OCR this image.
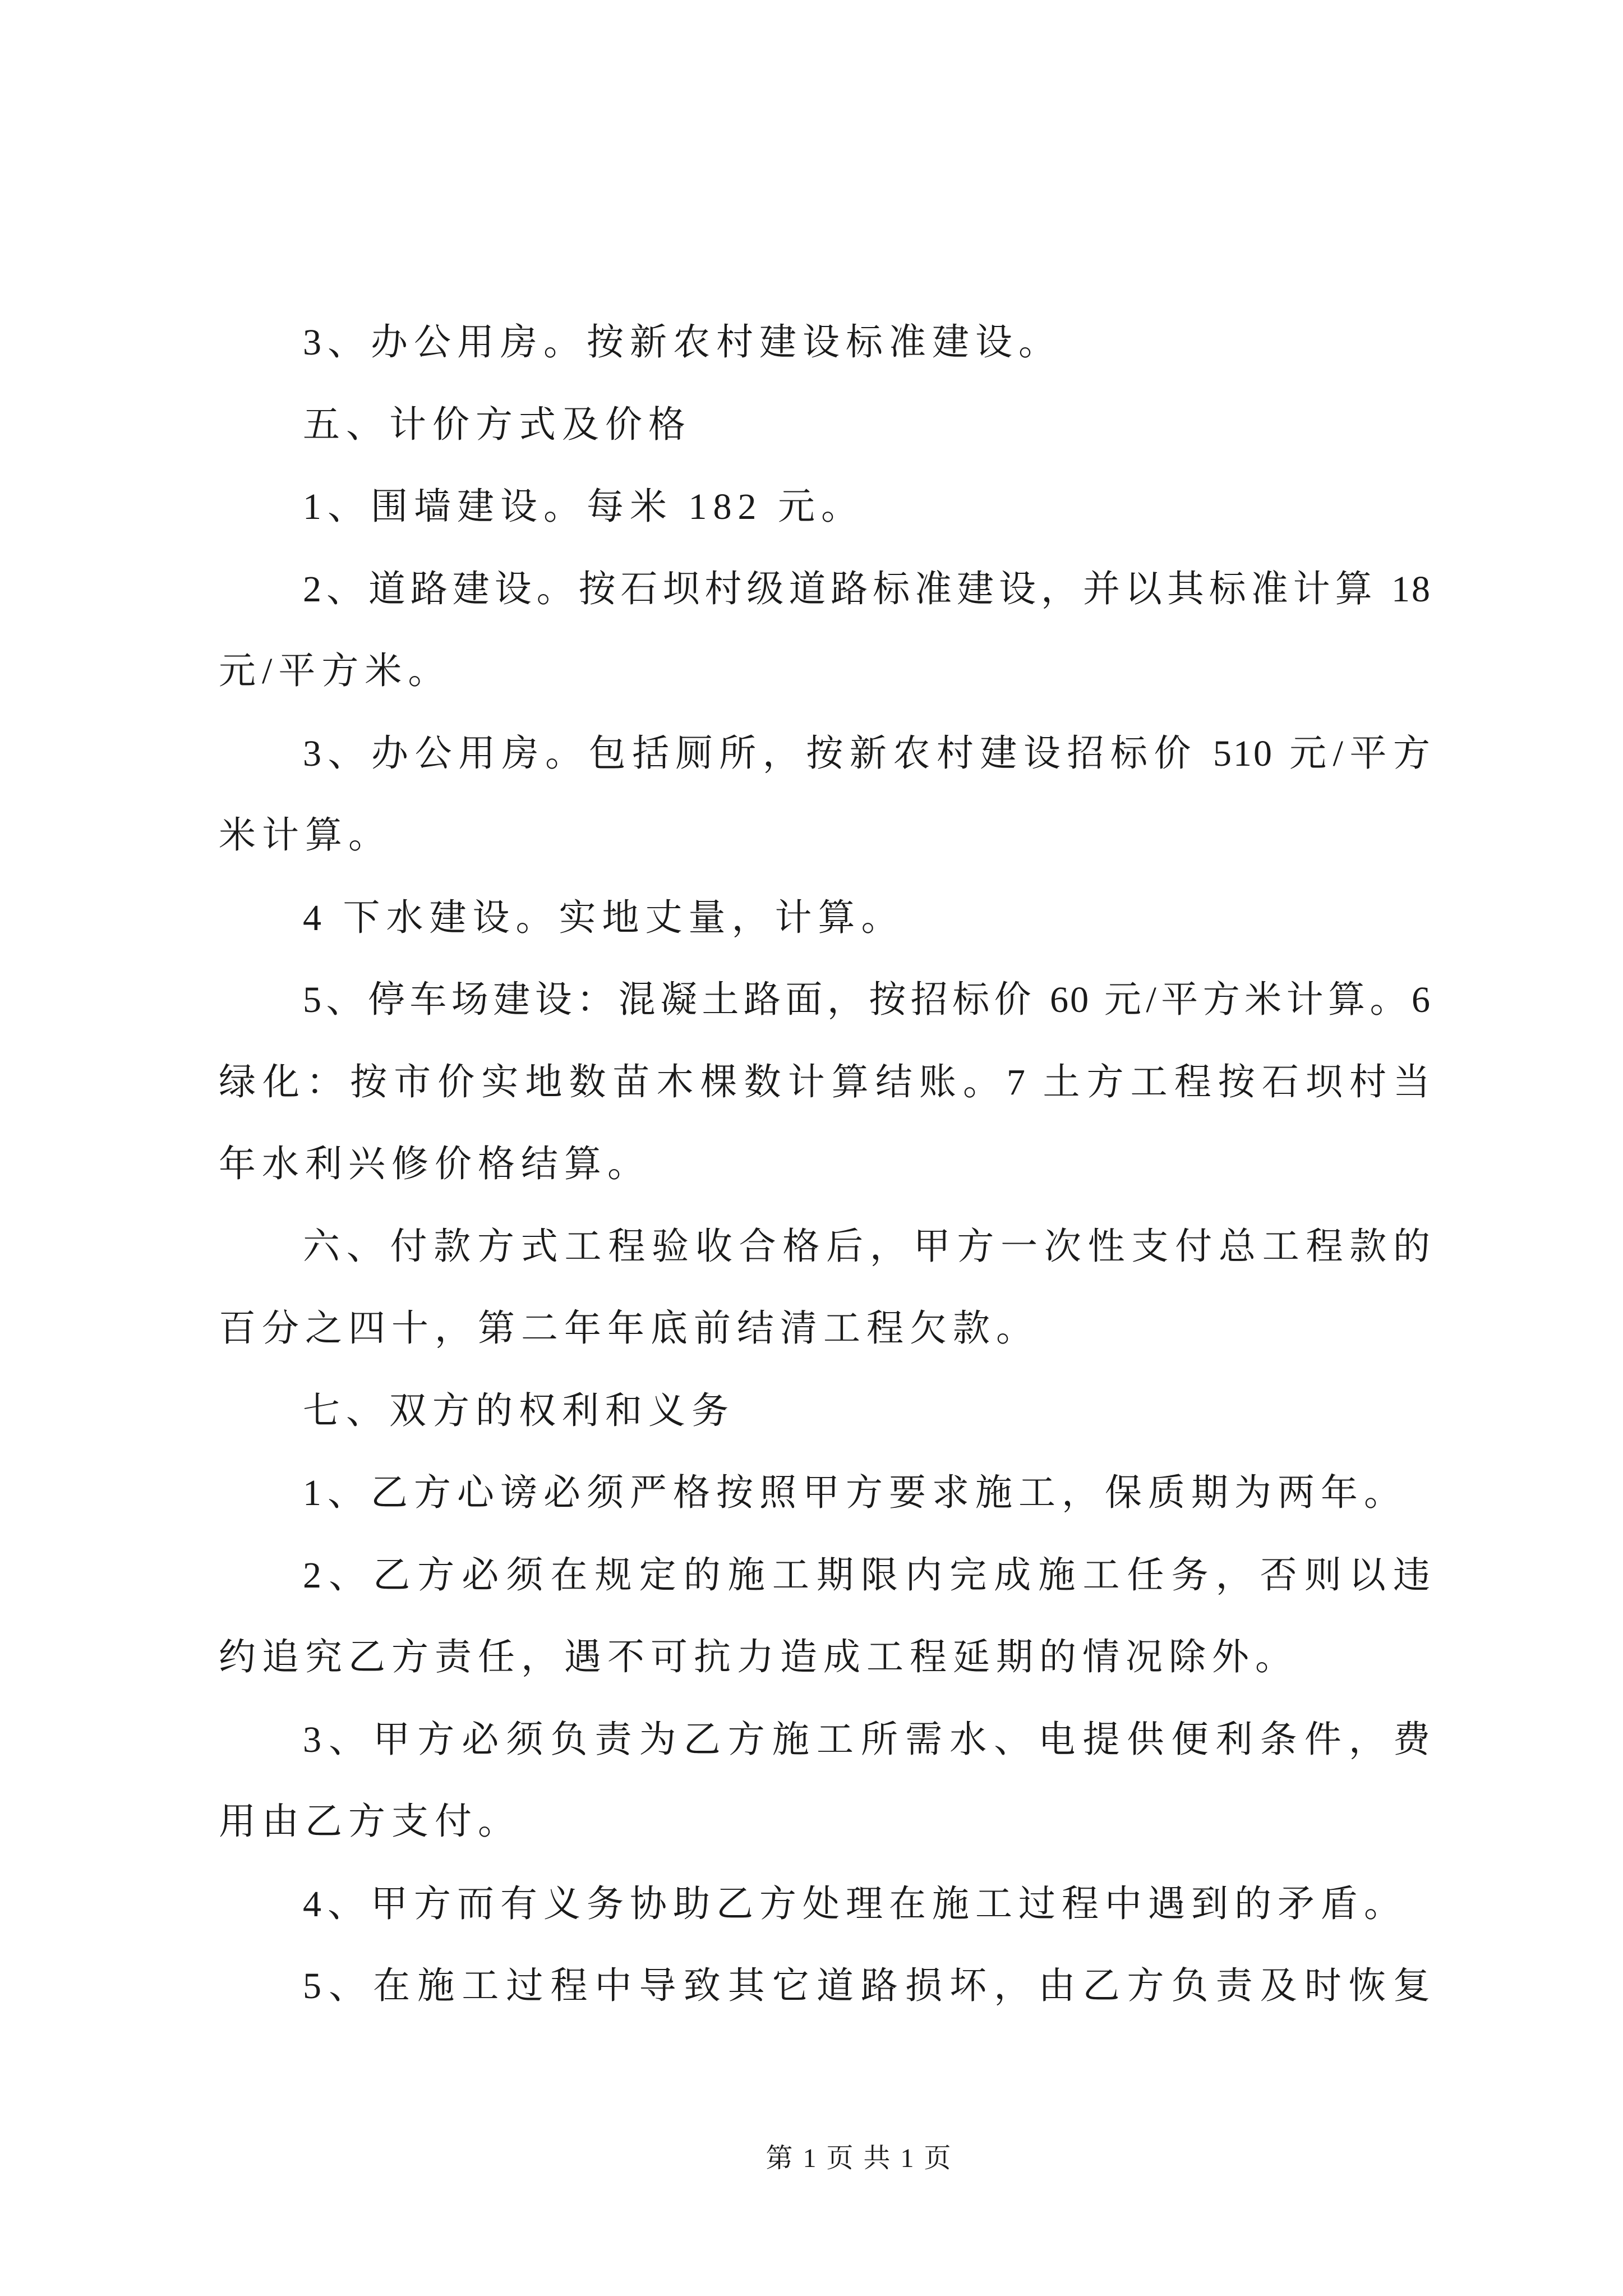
3、办公用房。按新农村建设标准建设。
五、计价方式及价格
1、围墙建设。每米 182 元。
2、道路建设。按石坝村级道路标准建设，并以其标准计算 18
元/平方米。
3、办公用房。包括厕所，按新农村建设招标价 510 元/平方
米计算。
4 下水建设。实地丈量，计算。
5、停车场建设：混凝土路面，按招标价 60 元/平方米计算。6
绿化：按市价实地数苗木棵数计算结账。7 土方工程按石坝村当
年水利兴修价格结算。
六、付款方式工程验收合格后，甲方一次性支付总工程款的
百分之四十，第二年年底前结清工程欠款。
七、双方的权利和义务
1、乙方心谤必须严格按照甲方要求施工，保质期为两年。
2、乙方必须在规定的施工期限内完成施工任务，否则以违
约追究乙方责任，遇不可抗力造成工程延期的情况除外。
3、甲方必须负责为乙方施工所需水、电提供便利条件，费
用由乙方支付。
4、甲方而有义务协助乙方处理在施工过程中遇到的矛盾。
5、在施工过程中导致其它道路损坏，由乙方负责及时恢复
第 1 页 共 1 页
